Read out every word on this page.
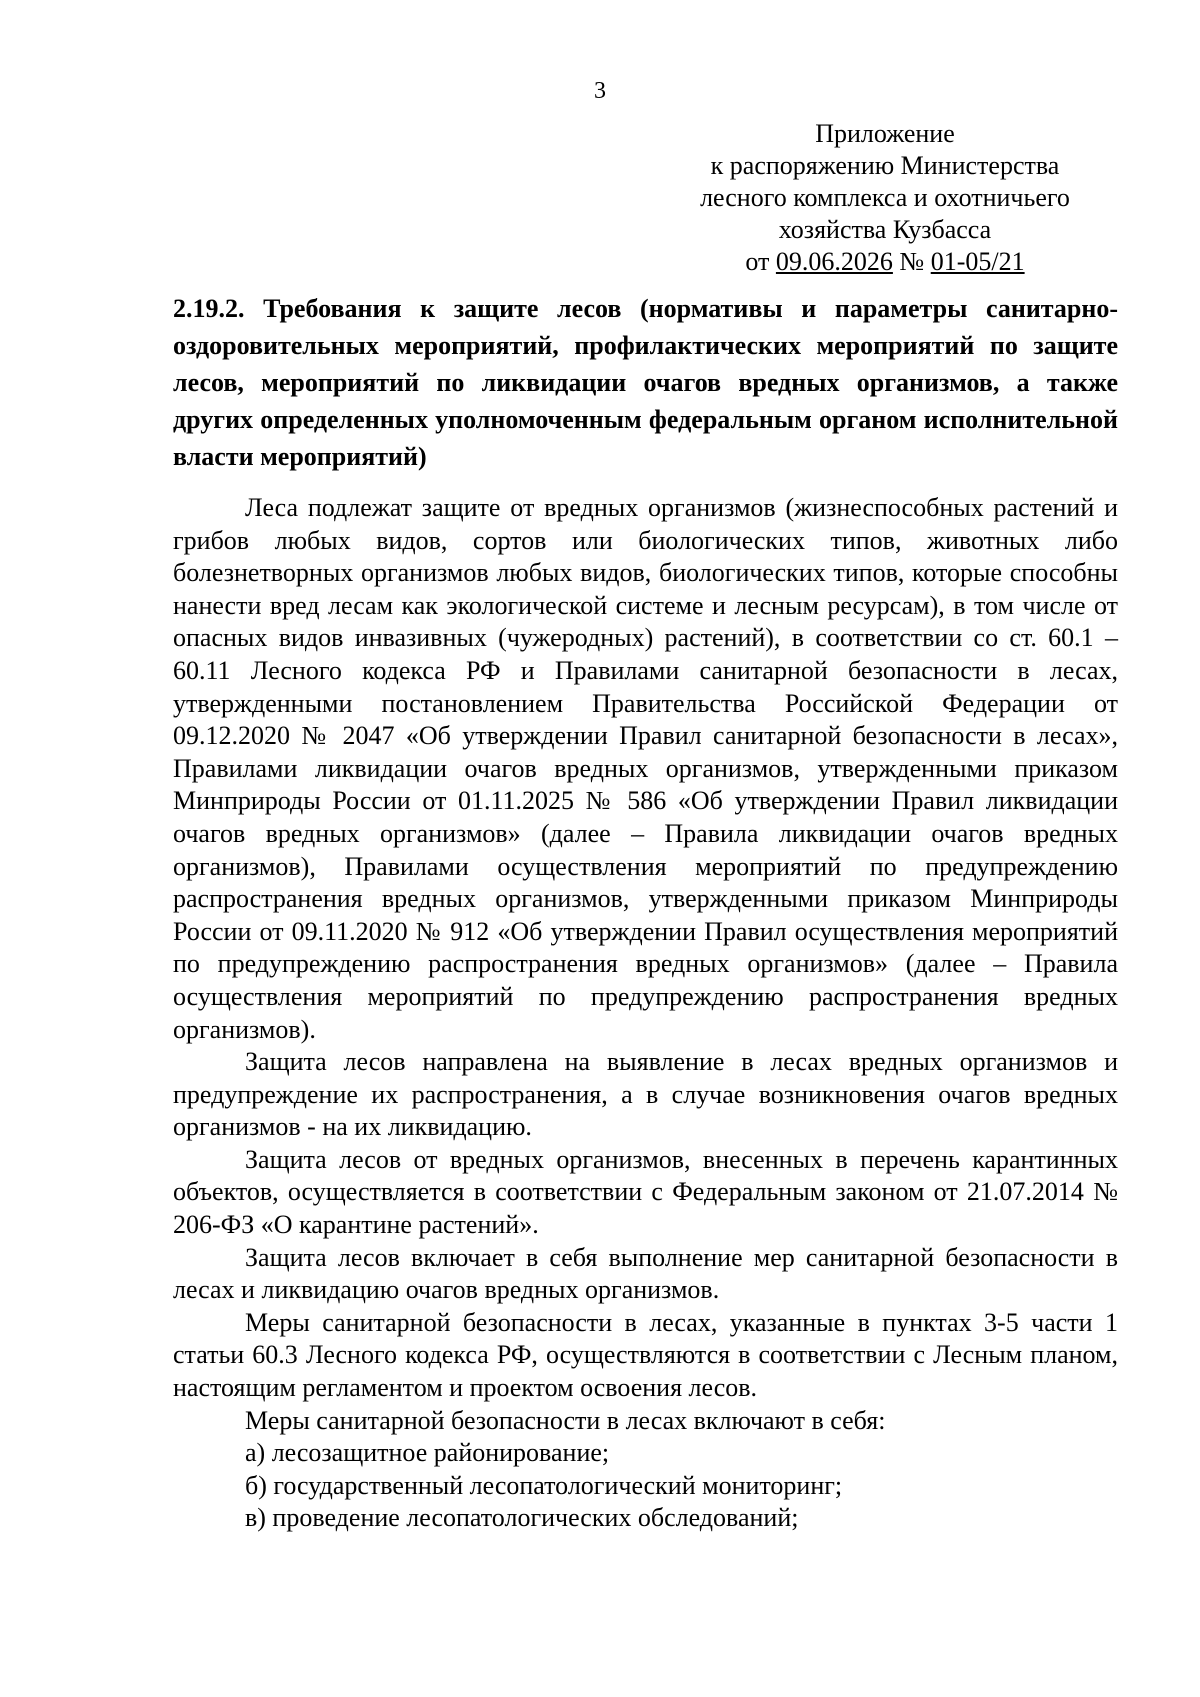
3
Приложение
к распоряжению Министерства
лесного комплекса и охотничьего
хозяйства Кузбасса
от 09.06.2026 № 01-05/21
2.19.2. Требования к защите лесов (нормативы и параметры санитарно-оздоровительных мероприятий, профилактических мероприятий по защите лесов, мероприятий по ликвидации очагов вредных организмов, а также других определенных уполномоченным федеральным органом исполнительной власти мероприятий)

Леса подлежат защите от вредных организмов (жизнеспособных растений и грибов любых видов, сортов или биологических типов, животных либо болезнетворных организмов любых видов, биологических типов, которые способны нанести вред лесам как экологической системе и лесным ресурсам), в том числе от опасных видов инвазивных (чужеродных) растений), в соответствии со ст. 60.1 – 60.11 Лесного кодекса РФ и Правилами санитарной безопасности в лесах, утвержденными постановлением Правительства Российской Федерации от 09.12.2020 № 2047 «Об утверждении Правил санитарной безопасности в лесах», Правилами ликвидации очагов вредных организмов, утвержденными приказом Минприроды России от 01.11.2025 № 586 «Об утверждении Правил ликвидации очагов вредных организмов» (далее – Правила ликвидации очагов вредных организмов), Правилами осуществления мероприятий по предупреждению распространения вредных организмов, утвержденными приказом Минприроды России от 09.11.2020 № 912 «Об утверждении Правил осуществления мероприятий по предупреждению распространения вредных организмов» (далее – Правила осуществления мероприятий по предупреждению распространения вредных организмов).

Защита лесов направлена на выявление в лесах вредных организмов и предупреждение их распространения, а в случае возникновения очагов вредных организмов - на их ликвидацию.

Защита лесов от вредных организмов, внесенных в перечень карантинных объектов, осуществляется в соответствии с Федеральным законом от 21.07.2014 № 206-ФЗ «О карантине растений».

Защита лесов включает в себя выполнение мер санитарной безопасности в лесах и ликвидацию очагов вредных организмов.

Меры санитарной безопасности в лесах, указанные в пунктах 3-5 части 1 статьи 60.3 Лесного кодекса РФ, осуществляются в соответствии с Лесным планом, настоящим регламентом и проектом освоения лесов.

Меры санитарной безопасности в лесах включают в себя:

а) лесозащитное районирование;
б) государственный лесопатологический мониторинг;
в) проведение лесопатологических обследований;
